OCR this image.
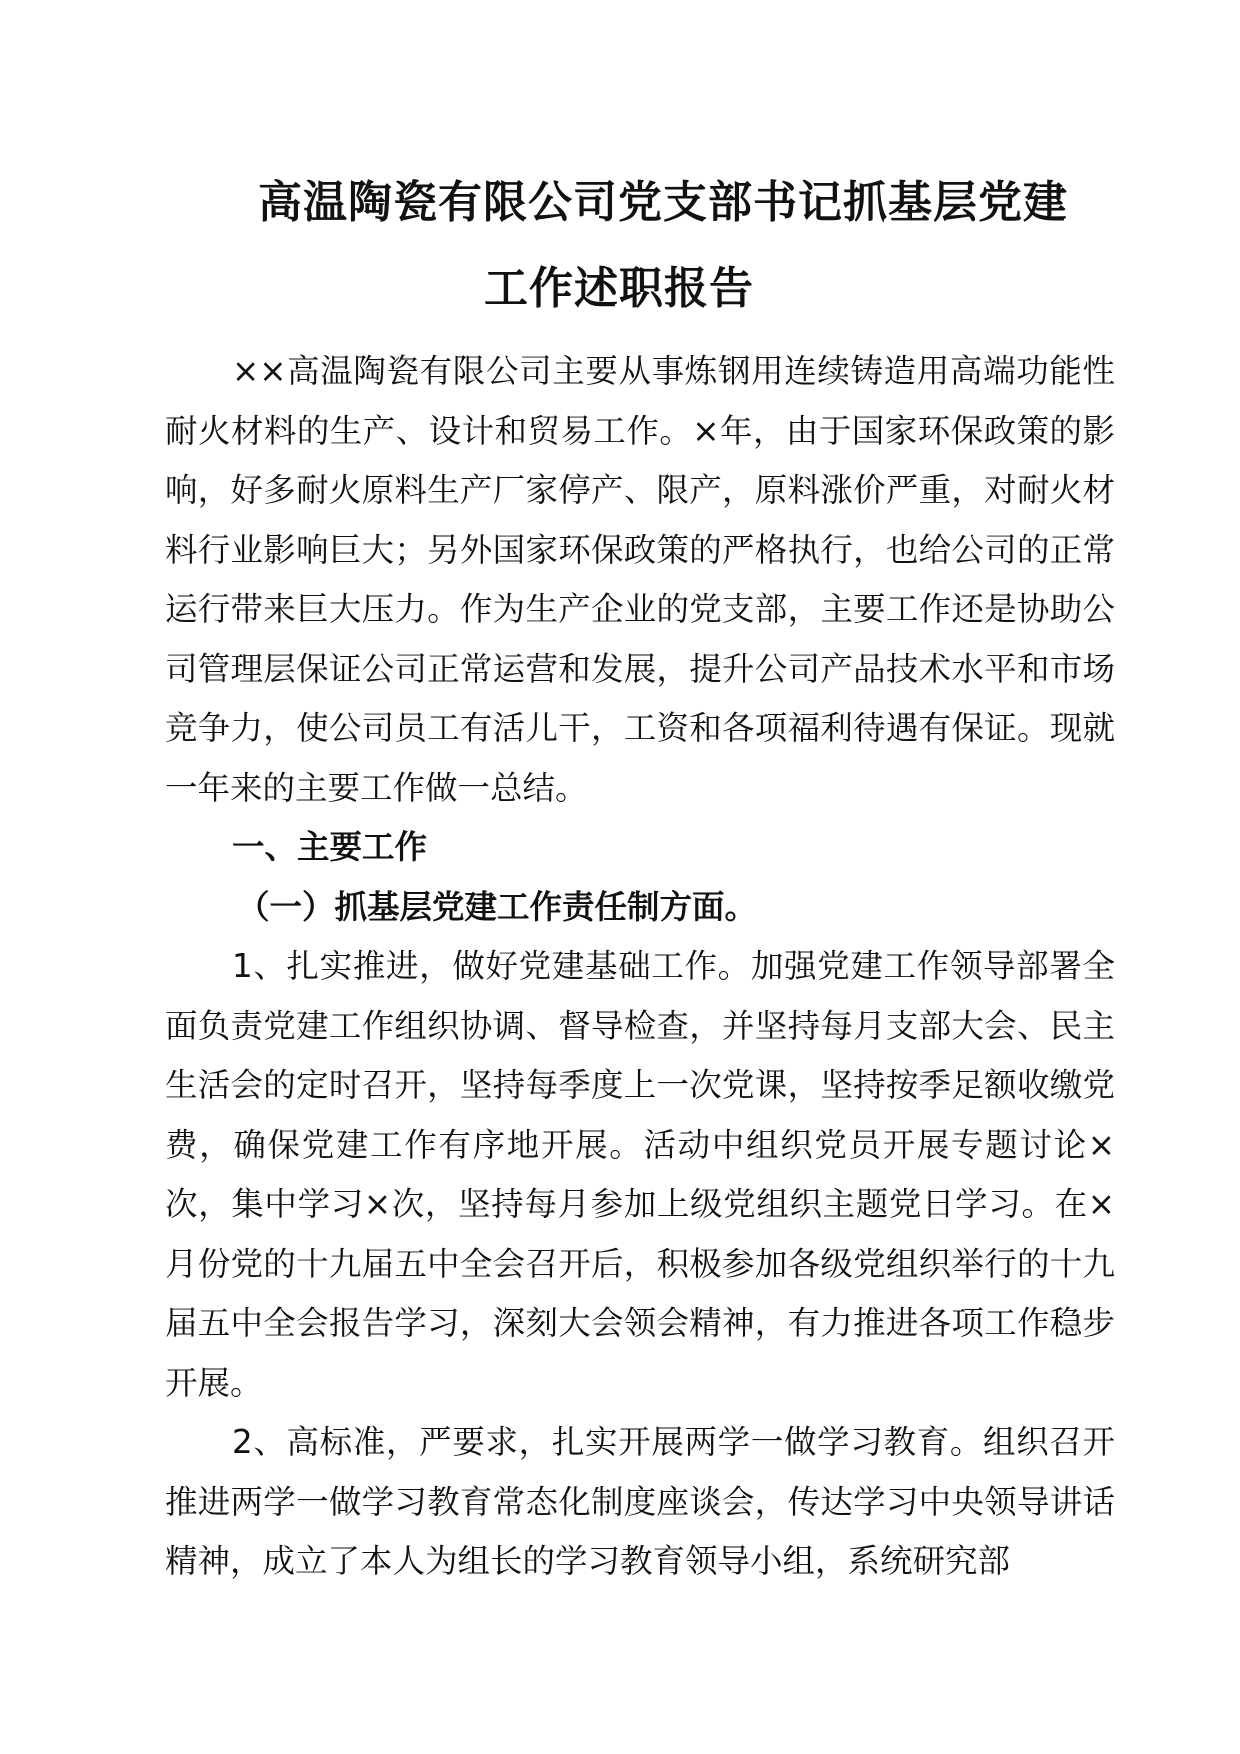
高温陶瓷有限公司党支部书记抓基层党建
工作述职报告

××高温陶瓷有限公司主要从事炼钢用连续铸造用高端功能性耐火材料的生产、设计和贸易工作。×年，由于国家环保政策的影响，好多耐火原料生产厂家停产、限产，原料涨价严重，对耐火材料行业影响巨大；另外国家环保政策的严格执行，也给公司的正常运行带来巨大压力。作为生产企业的党支部，主要工作还是协助公司管理层保证公司正常运营和发展，提升公司产品技术水平和市场竞争力，使公司员工有活儿干，工资和各项福利待遇有保证。现就一年来的主要工作做一总结。

一、主要工作

（一）抓基层党建工作责任制方面。

1、扎实推进，做好党建基础工作。加强党建工作领导部署全面负责党建工作组织协调、督导检查，并坚持每月支部大会、民主生活会的定时召开，坚持每季度上一次党课，坚持按季足额收缴党费，确保党建工作有序地开展。活动中组织党员开展专题讨论×次，集中学习×次，坚持每月参加上级党组织主题党日学习。在×月份党的十九届五中全会召开后，积极参加各级党组织举行的十九届五中全会报告学习，深刻大会领会精神，有力推进各项工作稳步开展。

2、高标准，严要求，扎实开展两学一做学习教育。组织召开推进两学一做学习教育常态化制度座谈会，传达学习中央领导讲话精神，成立了本人为组长的学习教育领导小组，系统研究部
